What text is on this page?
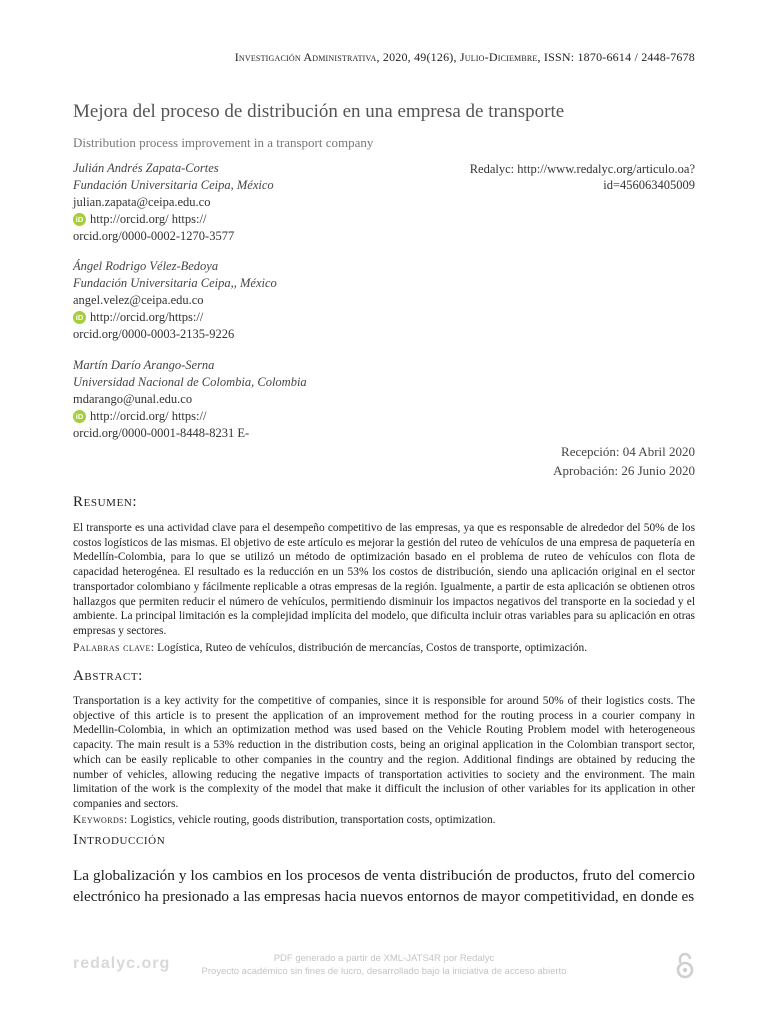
Investigación Administrativa, 2020, 49(126), Julio-Diciembre, ISSN: 1870-6614 / 2448-7678
Mejora del proceso de distribución en una empresa de transporte
Distribution process improvement in a transport company
Redalyc: http://www.redalyc.org/articulo.oa?
id=456063405009
Julián Andrés Zapata-Cortes
Fundación Universitaria Ceipa, México
julian.zapata@ceipa.edu.co
iD http://orcid.org/ https://
orcid.org/0000-0002-1270-3577
Ángel Rodrigo Vélez-Bedoya
Fundación Universitaria Ceipa,, México
angel.velez@ceipa.edu.co
iD http://orcid.org/https://
orcid.org/0000-0003-2135-9226
Martín Darío Arango-Serna
Universidad Nacional de Colombia, Colombia
mdarango@unal.edu.co
iD http://orcid.org/ https://
orcid.org/0000-0001-8448-8231 E-
Recepción: 04 Abril 2020
Aprobación: 26 Junio 2020
Resumen:
El transporte es una actividad clave para el desempeño competitivo de las empresas, ya que es responsable de alrededor del 50% de los costos logísticos de las mismas. El objetivo de este artículo es mejorar la gestión del ruteo de vehículos de una empresa de paquetería en Medellín-Colombia, para lo que se utilizó un método de optimización basado en el problema de ruteo de vehículos con flota de capacidad heterogénea. El resultado es la reducción en un 53% los costos de distribución, siendo una aplicación original en el sector transportador colombiano y fácilmente replicable a otras empresas de la región. Igualmente, a partir de esta aplicación se obtienen otros hallazgos que permiten reducir el número de vehículos, permitiendo disminuir los impactos negativos del transporte en la sociedad y el ambiente. La principal limitación es la complejidad implícita del modelo, que dificulta incluir otras variables para su aplicación en otras empresas y sectores.
Palabras clave: Logística, Ruteo de vehículos, distribución de mercancías, Costos de transporte, optimización.
Abstract:
Transportation is a key activity for the competitive of companies, since it is responsible for around 50% of their logistics costs. The objective of this article is to present the application of an improvement method for the routing process in a courier company in Medellin-Colombia, in which an optimization method was used based on the Vehicle Routing Problem model with heterogeneous capacity. The main result is a 53% reduction in the distribution costs, being an original application in the Colombian transport sector, which can be easily replicable to other companies in the country and the region. Additional findings are obtained by reducing the number of vehicles, allowing reducing the negative impacts of transportation activities to society and the environment. The main limitation of the work is the complexity of the model that make it difficult the inclusion of other variables for its application in other companies and sectors.
Keywords: Logistics, vehicle routing, goods distribution, transportation costs, optimization.
Introducción
La globalización y los cambios en los procesos de venta distribución de productos, fruto del comercio electrónico ha presionado a las empresas hacia nuevos entornos de mayor competitividad, en donde es
redalyc.org	PDF generado a partir de XML-JATS4R por Redalyc
Proyecto académico sin fines de lucro, desarrollado bajo la iniciativa de acceso abierto
